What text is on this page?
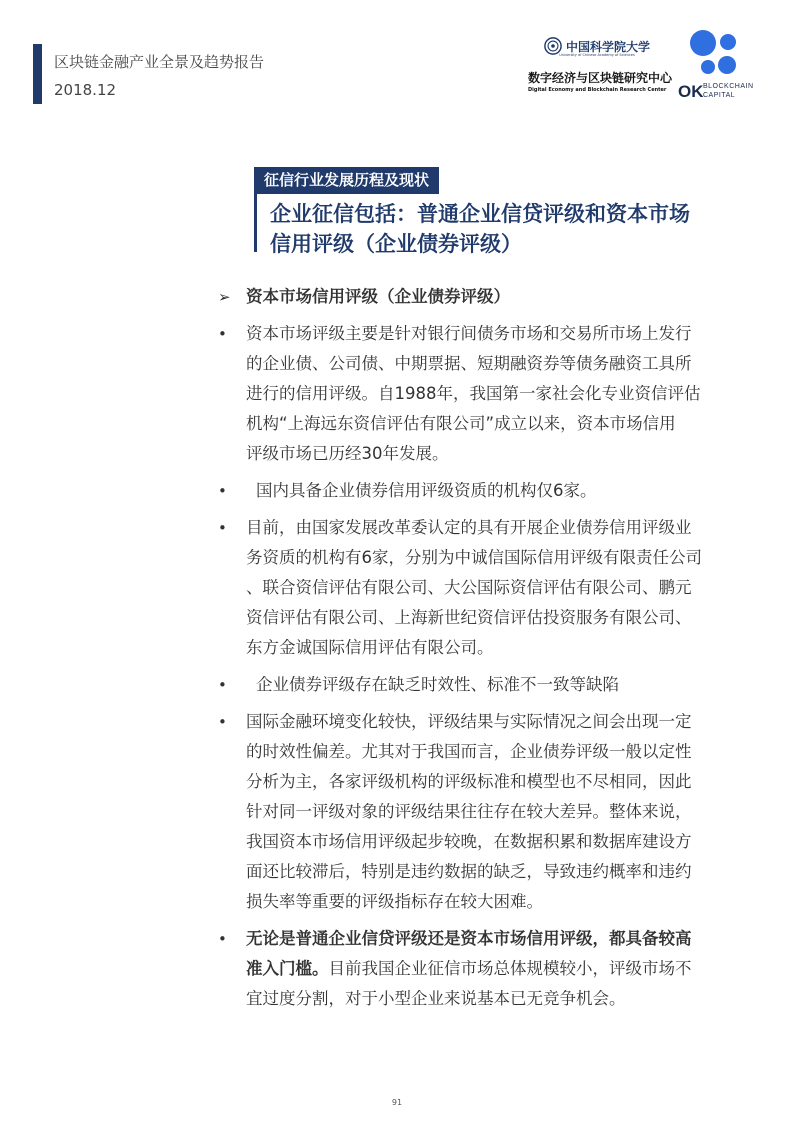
区块链金融产业全景及趋势报告
2018.12
中国科学院大学
University of Chinese Academy of Sciences
数字经济与区块链研究中心
Digital Economy and Blockchain Research Center OK BLOCKCHAIN
CAPITAL
征信行业发展历程及现状
企业征信包括：普通企业信贷评级和资本市场
信用评级（企业债券评级）
➢ 资本市场信用评级（企业债券评级）
•	资本市场评级主要是针对银行间债务市场和交易所市场上发行
的企业债、公司债、中期票据、短期融资券等债务融资工具所
进行的信用评级。自1988年，我国第一家社会化专业资信评估
机构“上海远东资信评估有限公司”成立以来，资本市场信用
评级市场已历经30年发展。
•	国内具备企业债券信用评级资质的机构仅6家。
•	目前，由国家发展改革委认定的具有开展企业债券信用评级业
务资质的机构有6家，分别为中诚信国际信用评级有限责任公司
、联合资信评估有限公司、大公国际资信评估有限公司、鹏元
资信评估有限公司、上海新世纪资信评估投资服务有限公司、
东方金诚国际信用评估有限公司。
•	企业债券评级存在缺乏时效性、标准不一致等缺陷
•	国际金融环境变化较快，评级结果与实际情况之间会出现一定
的时效性偏差。尤其对于我国而言，企业债券评级一般以定性
分析为主，各家评级机构的评级标准和模型也不尽相同，因此
针对同一评级对象的评级结果往往存在较大差异。整体来说，
我国资本市场信用评级起步较晚，在数据积累和数据库建设方
面还比较滞后，特别是违约数据的缺乏，导致违约概率和违约
损失率等重要的评级指标存在较大困难。
•	无论是普通企业信贷评级还是资本市场信用评级，都具备较高
准入门槛。目前我国企业征信市场总体规模较小，评级市场不
宜过度分割，对于小型企业来说基本已无竞争机会。
91
